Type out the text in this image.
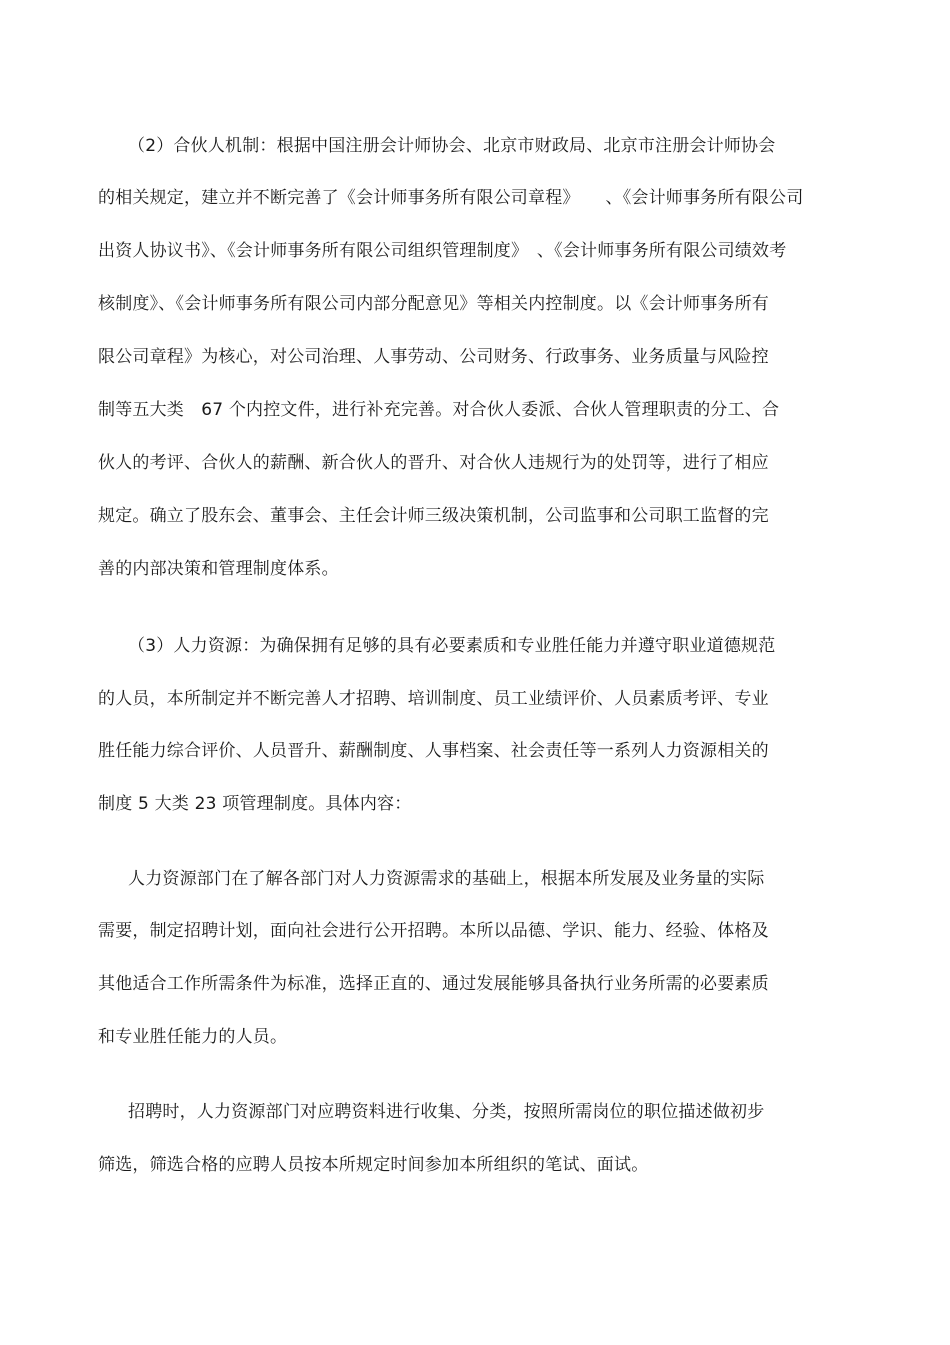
（2）合伙人机制：根据中国注册会计师协会、北京市财政局、北京市注册会计师协会
的相关规定，建立并不断完善了《会计师事务所有限公司章程》　　、《会计师事务所有限公司
出资人协议书》、《会计师事务所有限公司组织管理制度》　、《会计师事务所有限公司绩效考
核制度》、《会计师事务所有限公司内部分配意见》等相关内控制度。以《会计师事务所有
限公司章程》为核心，对公司治理、人事劳动、公司财务、行政事务、业务质量与风险控
制等五大类　67 个内控文件，进行补充完善。对合伙人委派、合伙人管理职责的分工、合
伙人的考评、合伙人的薪酬、新合伙人的晋升、对合伙人违规行为的处罚等，进行了相应
规定。确立了股东会、董事会、主任会计师三级决策机制，公司监事和公司职工监督的完
善的内部决策和管理制度体系。
（3）人力资源：为确保拥有足够的具有必要素质和专业胜任能力并遵守职业道德规范
的人员，本所制定并不断完善人才招聘、培训制度、员工业绩评价、人员素质考评、专业
胜任能力综合评价、人员晋升、薪酬制度、人事档案、社会责任等一系列人力资源相关的
制度 5 大类 23 项管理制度。具体内容：
人力资源部门在了解各部门对人力资源需求的基础上，根据本所发展及业务量的实际
需要，制定招聘计划，面向社会进行公开招聘。本所以品德、学识、能力、经验、体格及
其他适合工作所需条件为标准，选择正直的、通过发展能够具备执行业务所需的必要素质
和专业胜任能力的人员。
招聘时，人力资源部门对应聘资料进行收集、分类，按照所需岗位的职位描述做初步
筛选，筛选合格的应聘人员按本所规定时间参加本所组织的笔试、面试。
